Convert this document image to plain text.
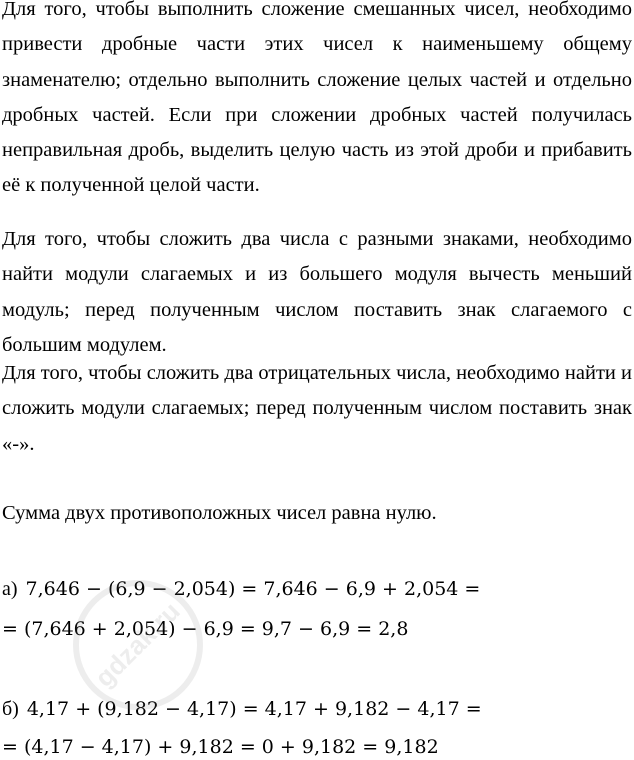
Для того, чтобы выполнить сложение смешанных чисел, необходимо привести дробные части этих чисел к наименьшему общему знаменателю; отдельно выполнить сложение целых частей и отдельно дробных частей. Если при сложении дробных частей получилась неправильная дробь, выделить целую часть из этой дроби и прибавить её к полученной целой части.

Для того, чтобы сложить два числа с разными знаками, необходимо найти модули слагаемых и из большего модуля вычесть меньший модуль; перед полученным числом поставить знак слагаемого с большим модулем.

Для того, чтобы сложить два отрицательных числа, необходимо найти и сложить модули слагаемых; перед полученным числом поставить знак «-».

Сумма двух противоположных чисел равна нулю.

а) 7,646 − (6,9 − 2,054) = 7,646 − 6,9 + 2,054 =
= (7,646 + 2,054) − 6,9 = 9,7 − 6,9 = 2,8
б) 4,17 + (9,182 − 4,17) = 4,17 + 9,182 − 4,17 =
= (4,17 − 4,17) + 9,182 = 0 + 9,182 = 9,182
gdzak.ru
